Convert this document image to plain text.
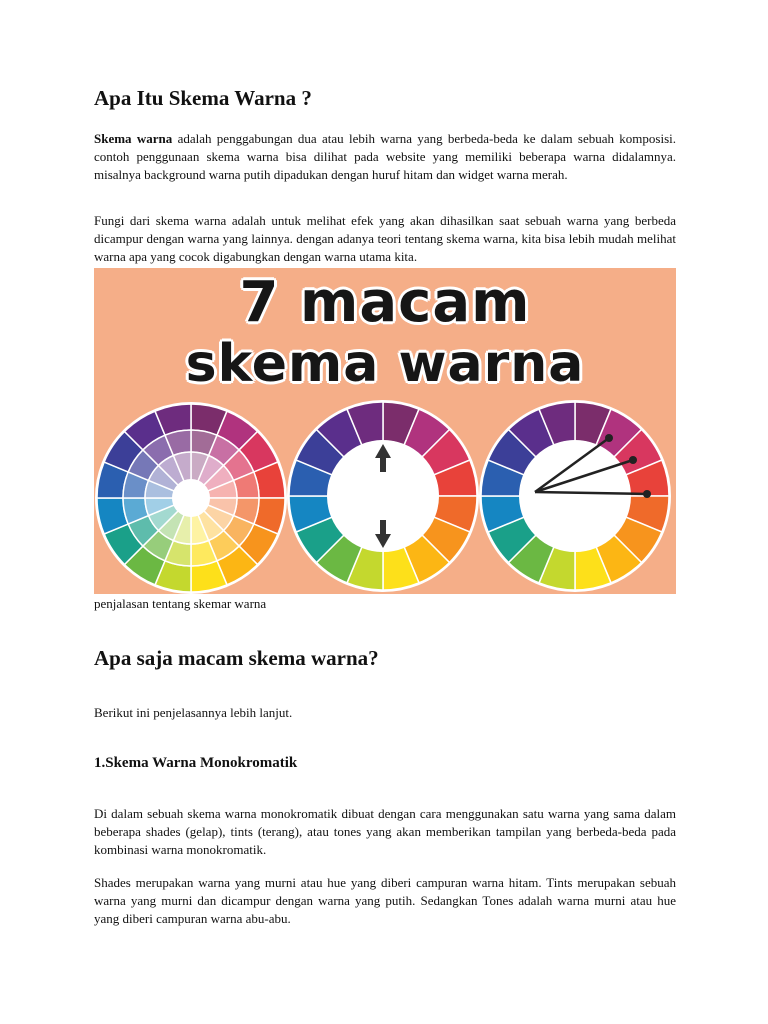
Apa Itu Skema Warna ?

Skema warna adalah penggabungan dua atau lebih warna yang berbeda-beda ke dalam sebuah komposisi. contoh penggunaan skema warna bisa dilihat pada website yang memiliki beberapa warna didalamnya. misalnya background warna putih dipadukan dengan huruf hitam dan widget warna merah.

Fungi dari skema warna adalah untuk melihat efek yang akan dihasilkan saat sebuah warna yang berbeda dicampur dengan warna yang lainnya. dengan adanya teori tentang skema warna, kita bisa lebih mudah melihat warna apa yang cocok digabungkan dengan warna utama kita.

7 macam
skema warna
penjalasan tentang skemar warna
Apa saja macam skema warna?

Berikut ini penjelasannya lebih lanjut.

1.Skema Warna Monokromatik

Di dalam sebuah skema warna monokromatik dibuat dengan cara menggunakan satu warna yang sama dalam beberapa shades (gelap), tints (terang), atau tones yang akan memberikan tampilan yang berbeda-beda pada kombinasi warna monokromatik.

Shades merupakan warna yang murni atau hue yang diberi campuran warna hitam. Tints merupakan sebuah warna yang murni dan dicampur dengan warna yang putih. Sedangkan Tones adalah warna murni atau hue yang diberi campuran warna abu-abu.
